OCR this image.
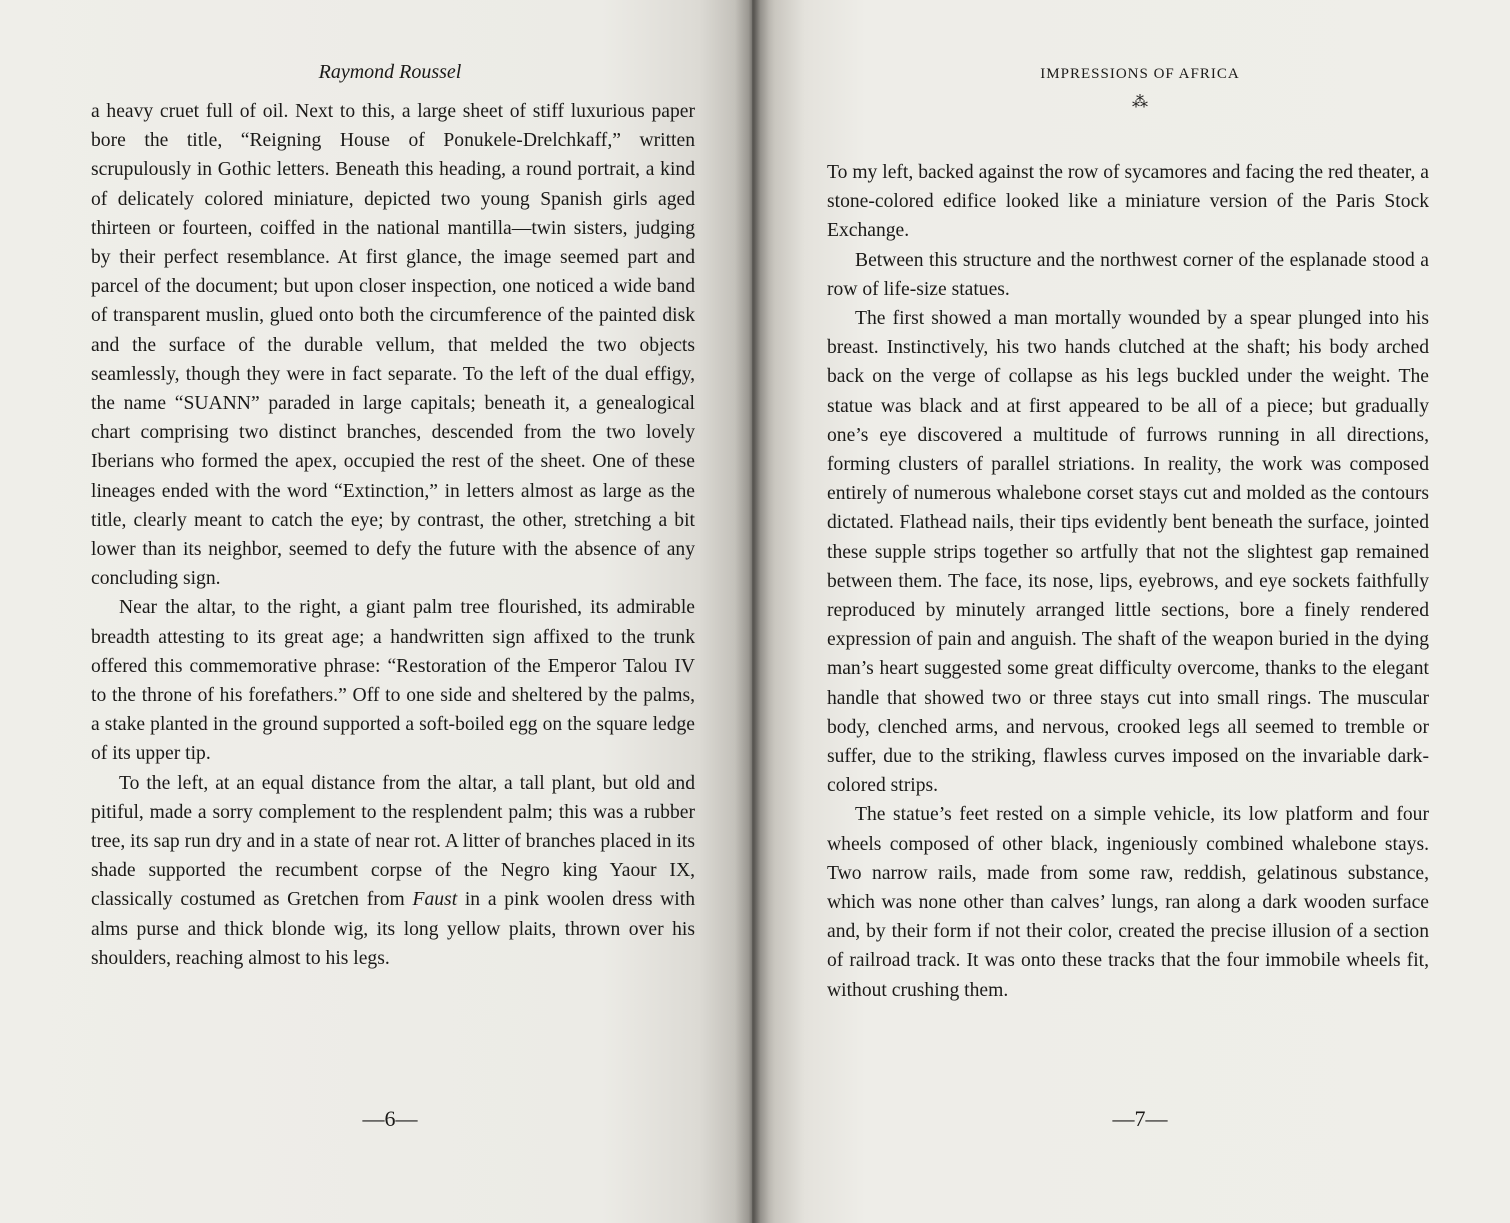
Raymond Roussel

a heavy cruet full of oil. Next to this, a large sheet of stiff luxurious paper bore the title, “Reigning House of Ponukele-Drelchkaff,” written scrupulously in Gothic letters. Beneath this heading, a round portrait, a kind of delicately colored miniature, depicted two young Spanish girls aged thirteen or fourteen, coiffed in the national mantilla—twin sisters, judging by their perfect resemblance. At first glance, the image seemed part and parcel of the document; but upon closer inspection, one noticed a wide band of transparent muslin, glued onto both the circumference of the painted disk and the surface of the durable vellum, that melded the two objects seamlessly, though they were in fact separate. To the left of the dual effigy, the name “SUANN” paraded in large capitals; beneath it, a genealogical chart comprising two distinct branches, descended from the two lovely Iberians who formed the apex, occupied the rest of the sheet. One of these lineages ended with the word “Extinction,” in letters almost as large as the title, clearly meant to catch the eye; by contrast, the other, stretching a bit lower than its neighbor, seemed to defy the future with the absence of any concluding sign.

Near the altar, to the right, a giant palm tree flourished, its admirable breadth attesting to its great age; a handwritten sign affixed to the trunk offered this commemorative phrase: “Restoration of the Emperor Talou IV to the throne of his forefathers.” Off to one side and sheltered by the palms, a stake planted in the ground supported a soft-boiled egg on the square ledge of its upper tip.

To the left, at an equal distance from the altar, a tall plant, but old and pitiful, made a sorry complement to the resplendent palm; this was a rubber tree, its sap run dry and in a state of near rot. A litter of branches placed in its shade supported the recumbent corpse of the Negro king Yaour IX, classically costumed as Gretchen from Faust in a pink woolen dress with alms purse and thick blonde wig, its long yellow plaits, thrown over his shoulders, reaching almost to his legs.

—6—
IMPRESSIONS OF AFRICA
⁂

To my left, backed against the row of sycamores and facing the red theater, a stone-colored edifice looked like a miniature version of the Paris Stock Exchange.

Between this structure and the northwest corner of the esplanade stood a row of life-size statues.

The first showed a man mortally wounded by a spear plunged into his breast. Instinctively, his two hands clutched at the shaft; his body arched back on the verge of collapse as his legs buckled under the weight. The statue was black and at first appeared to be all of a piece; but gradually one’s eye discovered a multitude of furrows running in all directions, forming clusters of parallel striations. In reality, the work was composed entirely of numerous whalebone corset stays cut and molded as the contours dictated. Flathead nails, their tips evidently bent beneath the surface, jointed these supple strips together so artfully that not the slightest gap remained between them. The face, its nose, lips, eyebrows, and eye sockets faithfully reproduced by minutely arranged little sections, bore a finely rendered expression of pain and anguish. The shaft of the weapon buried in the dying man’s heart suggested some great difficulty overcome, thanks to the elegant handle that showed two or three stays cut into small rings. The muscular body, clenched arms, and nervous, crooked legs all seemed to tremble or suffer, due to the striking, flawless curves imposed on the invariable dark-colored strips.

The statue’s feet rested on a simple vehicle, its low platform and four wheels composed of other black, ingeniously combined whalebone stays. Two narrow rails, made from some raw, reddish, gelatinous substance, which was none other than calves’ lungs, ran along a dark wooden surface and, by their form if not their color, created the precise illusion of a section of railroad track. It was onto these tracks that the four immobile wheels fit, without crushing them.

—7—
